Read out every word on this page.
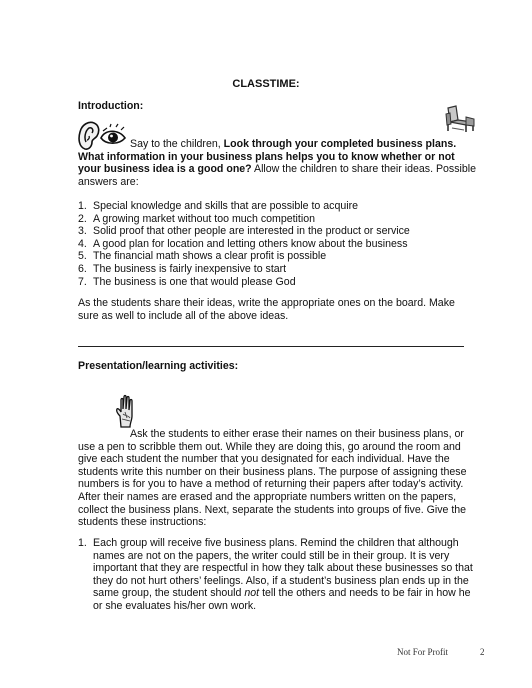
CLASSTIME:
Introduction:

Say to the children, Look through your completed business plans. What information in your business plans helps you to know whether or not your business idea is a good one? Allow the children to share their ideas. Possible answers are:

1. Special knowledge and skills that are possible to acquire
2. A growing market without too much competition
3. Solid proof that other people are interested in the product or service
4. A good plan for location and letting others know about the business
5. The financial math shows a clear profit is possible
6. The business is fairly inexpensive to start
7. The business is one that would please God

As the students share their ideas, write the appropriate ones on the board. Make sure as well to include all of the above ideas.

Presentation/learning activities:

Ask the students to either erase their names on their business plans, or use a pen to scribble them out. While they are doing this, go around the room and give each student the number that you designated for each individual. Have the students write this number on their business plans. The purpose of assigning these numbers is for you to have a method of returning their papers after today’s activity. After their names are erased and the appropriate numbers written on the papers, collect the business plans. Next, separate the students into groups of five. Give the students these instructions:

1. Each group will receive five business plans. Remind the children that although names are not on the papers, the writer could still be in their group. It is very important that they are respectful in how they talk about these businesses so that they do not hurt others’ feelings. Also, if a student’s business plan ends up in the same group, the student should not tell the others and needs to be fair in how he or she evaluates his/her own work.
Not For Profit	2
